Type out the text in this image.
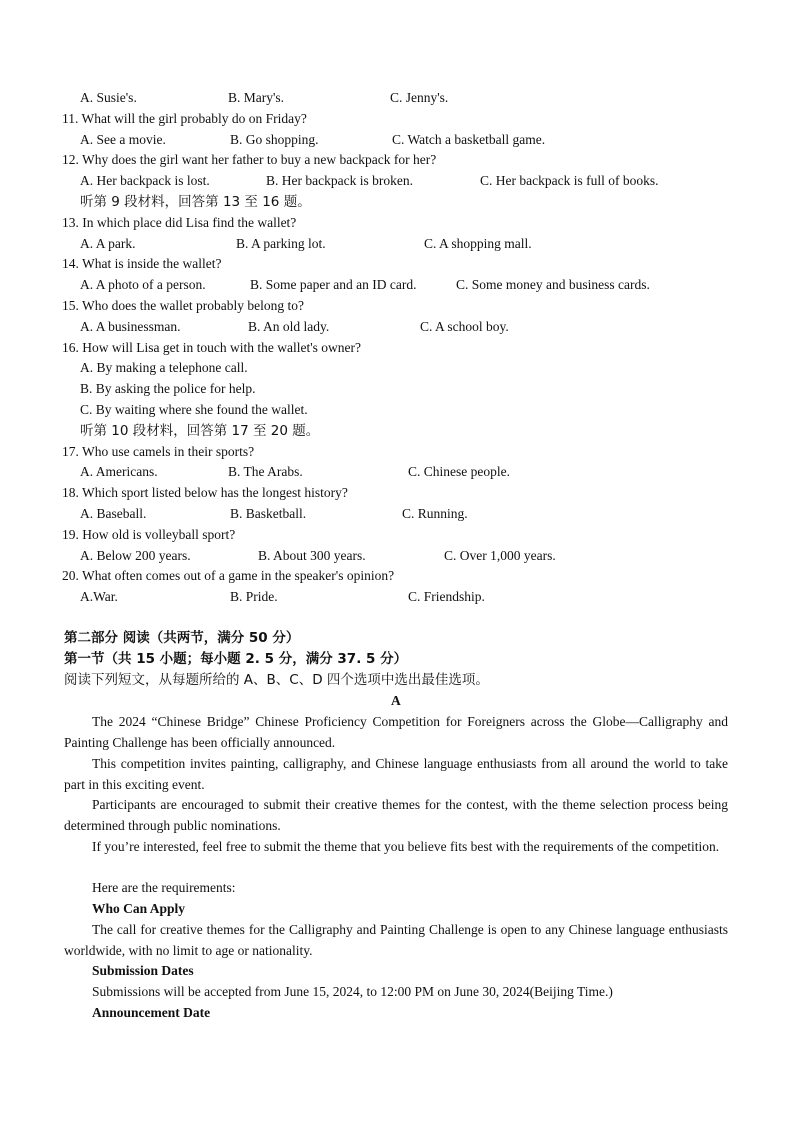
A. Susie's.	B. Mary's.	C. Jenny's.
11. What will the girl probably do on Friday?
A. See a movie.	B. Go shopping.	C. Watch a basketball game.
12. Why does the girl want her father to buy a new backpack for her?
A. Her backpack is lost.	B. Her backpack is broken.	C. Her backpack is full of books.
听第 9 段材料，回答第 13 至 16 题。
13. In which place did Lisa find the wallet?
A. A park.	B. A parking lot.	C. A shopping mall.
14. What is inside the wallet?
A. A photo of a person.	B. Some paper and an ID card.	C. Some money and business cards.
15. Who does the wallet probably belong to?
A. A businessman.	B. An old lady.	C. A school boy.
16. How will Lisa get in touch with the wallet's owner?
A. By making a telephone call.
B. By asking the police for help.
C. By waiting where she found the wallet.
听第 10 段材料，回答第 17 至 20 题。
17. Who use camels in their sports?
A. Americans.	B. The Arabs.	C. Chinese people.
18. Which sport listed below has the longest history?
A. Baseball.	B. Basketball.	C. Running.
19. How old is volleyball sport?
A. Below 200 years.	B. About 300 years.	C. Over 1,000 years.
20. What often comes out of a game in the speaker's opinion?
A.War.	B. Pride.	C. Friendship.
第二部分 阅读（共两节，满分 50 分）
第一节（共 15 小题；每小题 2. 5 分，满分 37. 5 分）
阅读下列短文，从每题所给的 A、B、C、D 四个选项中选出最佳选项。
A
The 2024 “Chinese Bridge” Chinese Proficiency Competition for Foreigners across the Globe—Calligraphy and Painting Challenge has been officially announced.
This competition invites painting, calligraphy, and Chinese language enthusiasts from all around the world to take part in this exciting event.
Participants are encouraged to submit their creative themes for the contest, with the theme selection process being determined through public nominations.
If you’re interested, feel free to submit the theme that you believe fits best with the requirements of the competition.
Here are the requirements:
Who Can Apply
The call for creative themes for the Calligraphy and Painting Challenge is open to any Chinese language enthusiasts worldwide, with no limit to age or nationality.
Submission Dates
Submissions will be accepted from June 15, 2024, to 12:00 PM on June 30, 2024(Beijing Time.)
Announcement Date
